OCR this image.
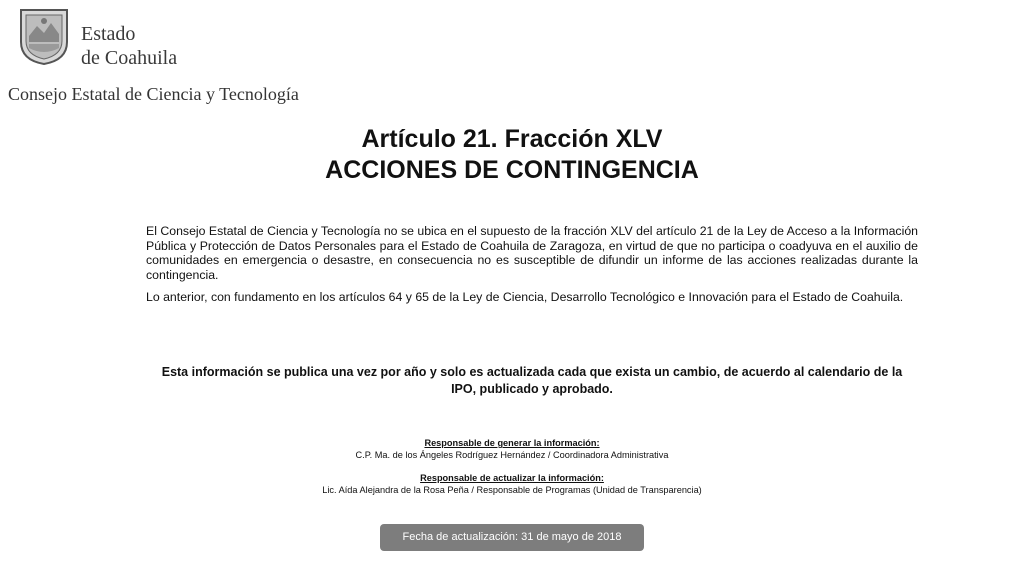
Estado
de Coahuila
Consejo Estatal de Ciencia y Tecnología
Artículo 21. Fracción XLV
ACCIONES DE CONTINGENCIA

El Consejo Estatal de Ciencia y Tecnología no se ubica en el supuesto de la fracción XLV del artículo 21 de la Ley de Acceso a la Información Pública y Protección de Datos Personales para el Estado de Coahuila de Zaragoza, en virtud de que no participa o coadyuva en el auxilio de comunidades en emergencia o desastre, en consecuencia no es susceptible de difundir un informe de las acciones realizadas durante la contingencia.

Lo anterior, con fundamento en los artículos 64 y 65 de la Ley de Ciencia, Desarrollo Tecnológico e Innovación para el Estado de Coahuila.

Esta información se publica una vez por año y solo es actualizada cada que exista un cambio, de acuerdo al calendario de la IPO, publicado y aprobado.
Responsable de generar la información:
C.P. Ma. de los Ángeles Rodríguez Hernández / Coordinadora Administrativa
Responsable de actualizar la información:
Lic. Aída Alejandra de la Rosa Peña / Responsable de Programas (Unidad de Transparencia)
Fecha de actualización: 31 de mayo de 2018
